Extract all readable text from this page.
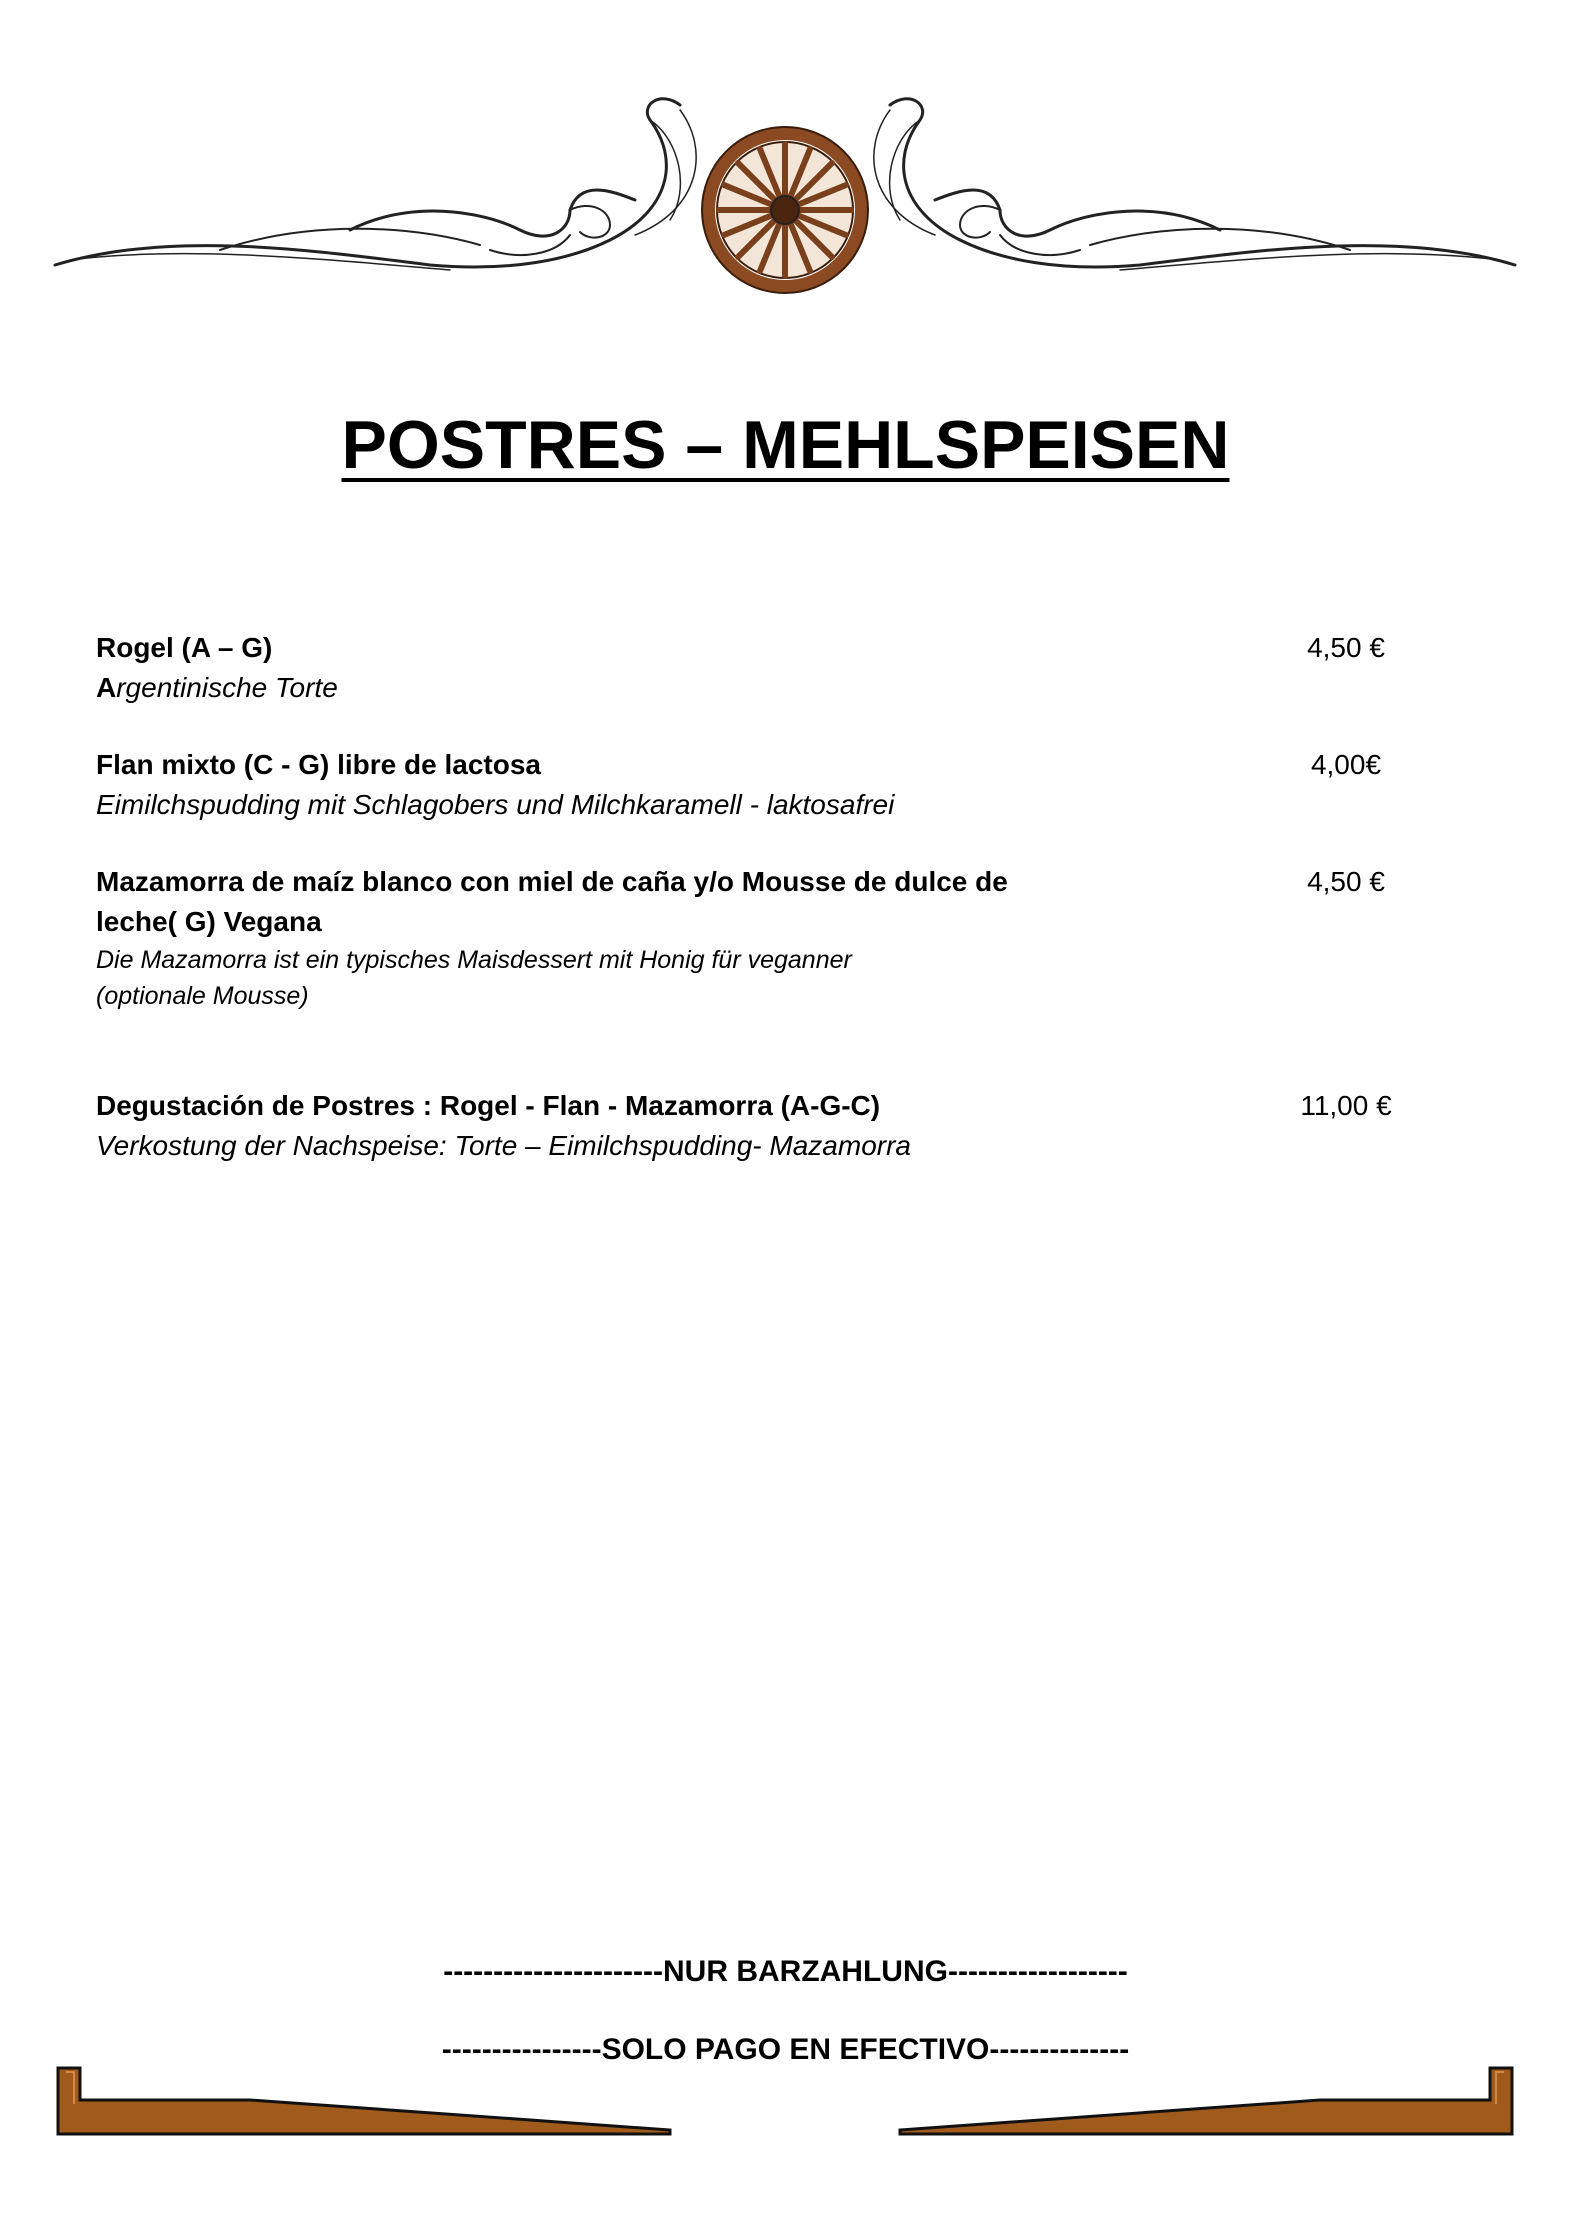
POSTRES – MEHLSPEISEN
Rogel (A – G)
Argentinische Torte
4,50 €
Flan mixto (C - G) libre de lactosa
Eimilchspudding mit Schlagobers und Milchkaramell - laktosafrei
4,00€
Mazamorra de maíz blanco con miel de caña y/o Mousse de dulce de
leche( G) Vegana
Die Mazamorra ist ein typisches Maisdessert mit Honig für veganner
(optionale Mousse)
4,50 €
Degustación de Postres : Rogel - Flan - Mazamorra (A-G-C)
Verkostung der Nachspeise: Torte – Eimilchspudding- Mazamorra
11,00 €
----------------------NUR BARZAHLUNG------------------
----------------SOLO PAGO EN EFECTIVO--------------
